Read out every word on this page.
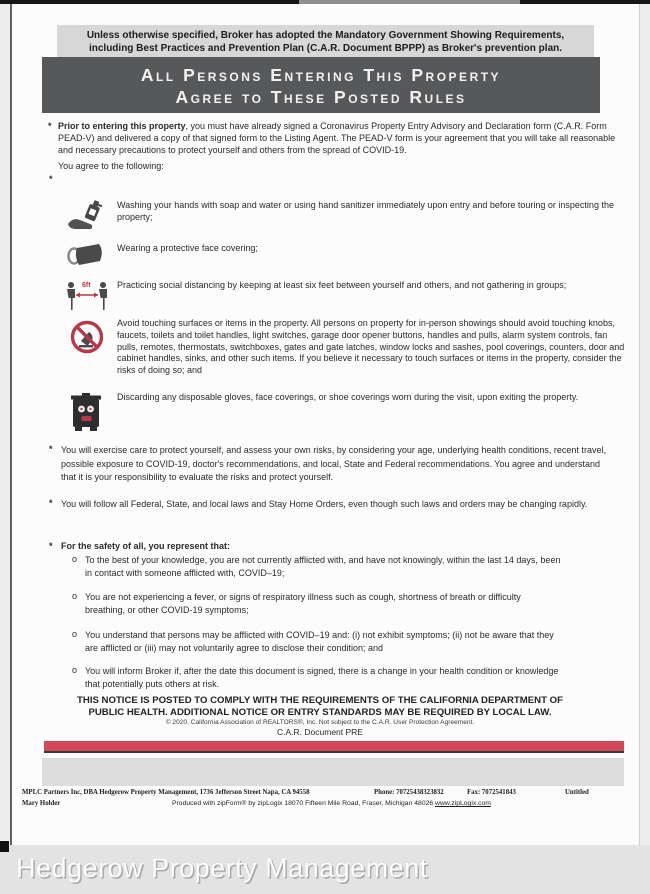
Unless otherwise specified, Broker has adopted the Mandatory Government Showing Requirements,
including Best Practices and Prevention Plan (C.A.R. Document BPPP) as Broker's prevention plan.
All Persons Entering This Property
Agree to These Posted Rules
* Prior to entering this property, you must have already signed a Coronavirus Property Entry Advisory and Declaration form (C.A.R. Form PEAD-V) and delivered a copy of that signed form to the Listing Agent. The PEAD-V form is your agreement that you will take all reasonable and necessary precautions to protect yourself and others from the spread of COVID-19.
You agree to the following:
*
Washing your hands with soap and water or using hand sanitizer immediately upon entry and before touring or inspecting the property;
Wearing a protective face covering;
6ft	Practicing social distancing by keeping at least six feet between yourself and others, and not gathering in groups;
Avoid touching surfaces or items in the property. All persons on property for in-person showings should avoid touching knobs, faucets, toilets and toilet handles, light switches, garage door opener buttons, handles and pulls, alarm system controls, fan pulls, remotes, thermostats, switchboxes, gates and gate latches, window locks and sashes, pool coverings, counters, door and cabinet handles, sinks, and other such items. If you believe it necessary to touch surfaces or items in the property, consider the risks of doing so; and
Discarding any disposable gloves, face coverings, or shoe coverings worn during the visit, upon exiting the property.
* You will exercise care to protect yourself, and assess your own risks, by considering your age, underlying health conditions, recent travel, possible exposure to COVID-19, doctor's recommendations, and local, State and Federal recommendations. You agree and understand that it is your responsibility to evaluate the risks and protect yourself.
* You will follow all Federal, State, and local laws and Stay Home Orders, even though such laws and orders may be changing rapidly.
* For the safety of all, you represent that:
o To the best of your knowledge, you are not currently afflicted with, and have not knowingly, within the last 14 days, been in contact with someone afflicted with, COVID–19;
o You are not experiencing a fever, or signs of respiratory illness such as cough, shortness of breath or difficulty breathing, or other COVID-19 symptoms;
o You understand that persons may be afflicted with COVID–19 and: (i) not exhibit symptoms; (ii) not be aware that they are afflicted or (iii) may not voluntarily agree to disclose their condition; and
o You will inform Broker if, after the date this document is signed, there is a change in your health condition or knowledge that potentially puts others at risk.
THIS NOTICE IS POSTED TO COMPLY WITH THE REQUIREMENTS OF THE CALIFORNIA DEPARTMENT OF
PUBLIC HEALTH. ADDITIONAL NOTICE OR ENTRY STANDARDS MAY BE REQUIRED BY LOCAL LAW.
© 2020, California Association of REALTORS®, Inc. Not subject to the C.A.R. User Protection Agreement.
C.A.R. Document PRE
MPLC Partners Inc, DBA Hedgerow Property Management, 1736 Jefferson Street Napa, CA 94558	Phone: 70725438323832	Fax: 7072541843	Untitled
Mary Holder	Produced with zipForm® by zipLogix 18070 Fifteen Mile Road, Fraser, Michigan 48026 www.zipLogix.com
Hedgerow Property Management
